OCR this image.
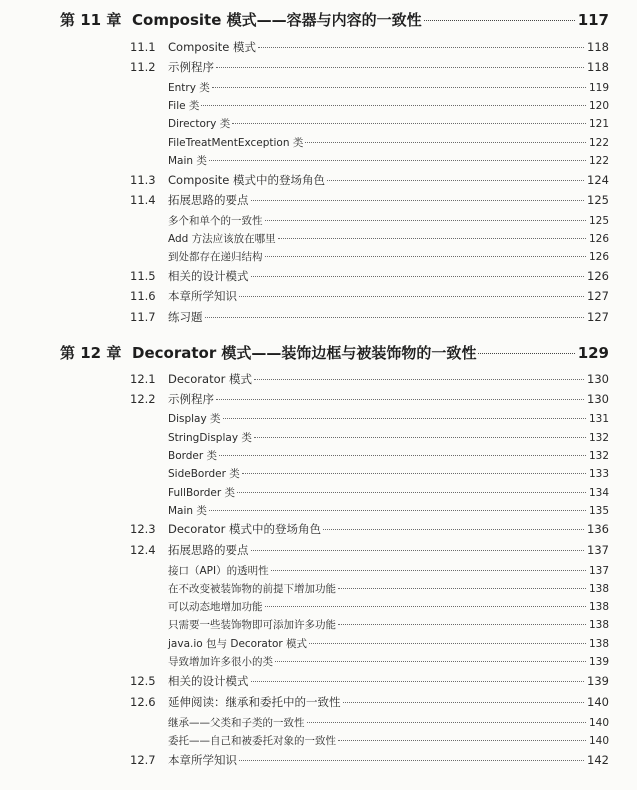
第 11 章 Composite 模式——容器与内容的一致性	117
11.1	Composite 模式	118
11.2	示例程序	118
Entry 类	119
File 类	120
Directory 类	121
FileTreatMentException 类	122
Main 类	122
11.3	Composite 模式中的登场角色	124
11.4	拓展思路的要点	125
多个和单个的一致性	125
Add 方法应该放在哪里	126
到处都存在递归结构	126
11.5	相关的设计模式	126
11.6	本章所学知识	127
11.7	练习题	127
第 12 章 Decorator 模式——装饰边框与被装饰物的一致性	129
12.1	Decorator 模式	130
12.2	示例程序	130
Display 类	131
StringDisplay 类	132
Border 类	132
SideBorder 类	133
FullBorder 类	134
Main 类	135
12.3	Decorator 模式中的登场角色	136
12.4	拓展思路的要点	137
接口（API）的透明性	137
在不改变被装饰物的前提下增加功能	138
可以动态地增加功能	138
只需要一些装饰物即可添加许多功能	138
java.io 包与 Decorator 模式	138
导致增加许多很小的类	139
12.5	相关的设计模式	139
12.6	延伸阅读：继承和委托中的一致性	140
继承——父类和子类的一致性	140
委托——自己和被委托对象的一致性	140
12.7	本章所学知识	142
